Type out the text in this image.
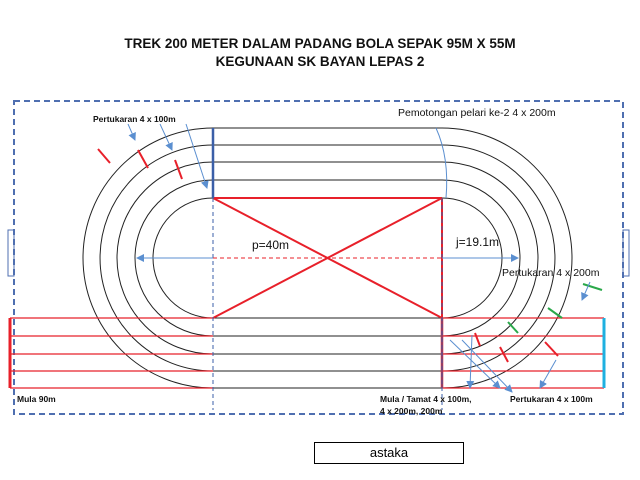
TREK 200 METER DALAM PADANG BOLA SEPAK 95M X 55M
KEGUNAAN SK BAYAN LEPAS 2
Pertukaran 4 x 100m	Pemotongan pelari ke-2 4 x 200m
p=40m	j=19.1m
Pertukaran 4 x 200m
Mula 90m	Mula / Tamat 4 x 100m,
4 x 200m, 200m
Pertukaran 4 x 100m
astaka
